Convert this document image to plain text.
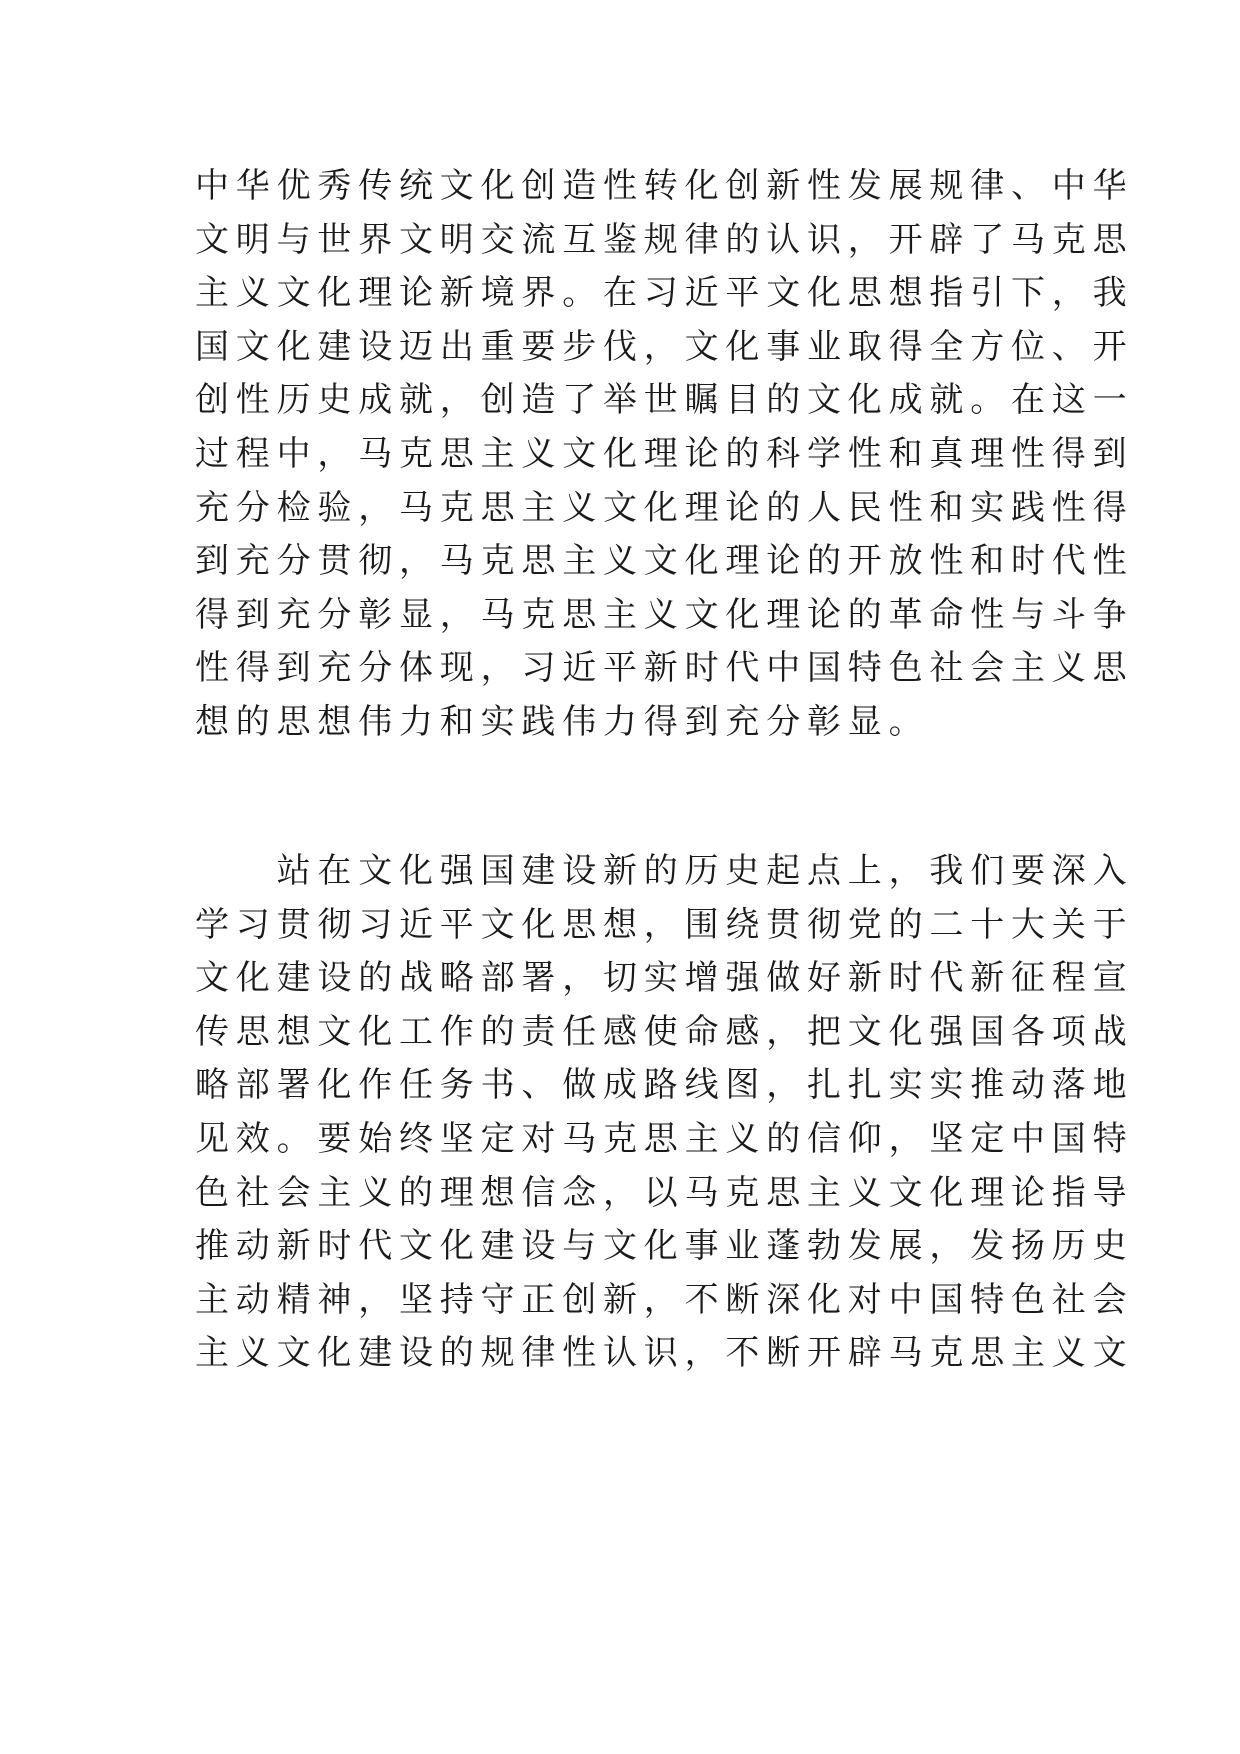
中华优秀传统文化创造性转化创新性发展规律、中华
文明与世界文明交流互鉴规律的认识，开辟了马克思
主义文化理论新境界。在习近平文化思想指引下，我
国文化建设迈出重要步伐，文化事业取得全方位、开
创性历史成就，创造了举世瞩目的文化成就。在这一
过程中，马克思主义文化理论的科学性和真理性得到
充分检验，马克思主义文化理论的人民性和实践性得
到充分贯彻，马克思主义文化理论的开放性和时代性
得到充分彰显，马克思主义文化理论的革命性与斗争
性得到充分体现，习近平新时代中国特色社会主义思
想的思想伟力和实践伟力得到充分彰显。
　　站在文化强国建设新的历史起点上，我们要深入
学习贯彻习近平文化思想，围绕贯彻党的二十大关于
文化建设的战略部署，切实增强做好新时代新征程宣
传思想文化工作的责任感使命感，把文化强国各项战
略部署化作任务书、做成路线图，扎扎实实推动落地
见效。要始终坚定对马克思主义的信仰，坚定中国特
色社会主义的理想信念，以马克思主义文化理论指导
推动新时代文化建设与文化事业蓬勃发展，发扬历史
主动精神，坚持守正创新，不断深化对中国特色社会
主义文化建设的规律性认识，不断开辟马克思主义文
